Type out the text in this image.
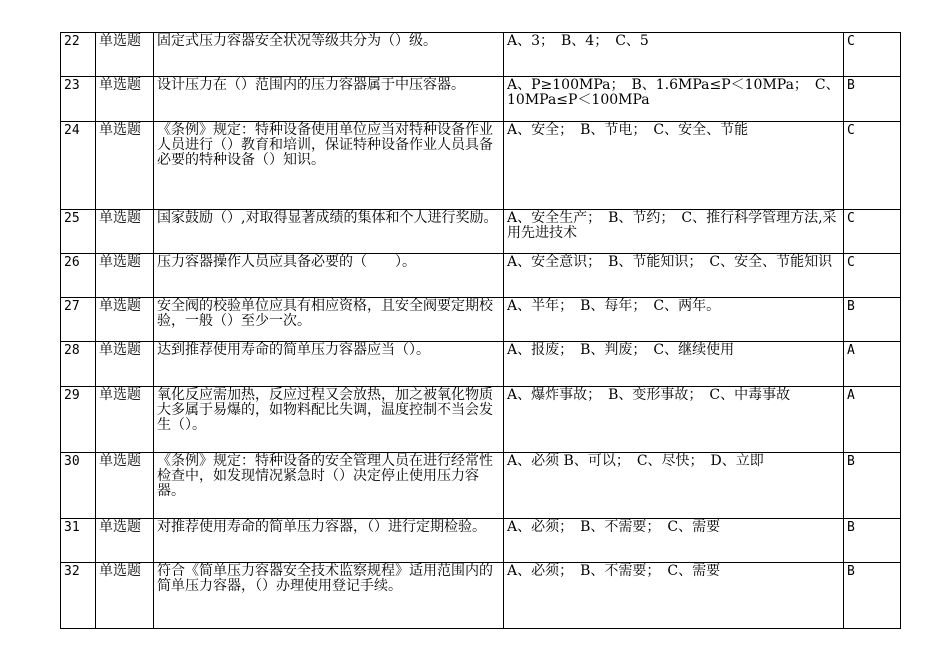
22	单选题	固定式压力容器安全状况等级共分为（）级。	A、3；　B、4；　C、5	C
23	单选题	设计压力在（）范围内的压力容器属于中压容器。	A、P≥100MPa；　B、1.6MPa≤P＜10MPa；　C、10MPa≤P＜100MPa	B
24	单选题	《条例》规定：特种设备使用单位应当对特种设备作业人员进行（）教育和培训，保证特种设备作业人员具备必要的特种设备（）知识。	A、安全；　B、节电；　C、安全、节能	C
25	单选题	国家鼓励（）,对取得显著成绩的集体和个人进行奖励。	A、安全生产；　B、节约；　C、推行科学管理方法,采用先进技术	C
26	单选题	压力容器操作人员应具备必要的（　　）。	A、安全意识；　B、节能知识；　C、安全、节能知识	C
27	单选题	安全阀的校验单位应具有相应资格，且安全阀要定期校验，一般（）至少一次。	A、半年；　B、每年；　C、两年。	B
28	单选题	达到推荐使用寿命的简单压力容器应当（）。	A、报废；　B、判废；　C、继续使用	A
29	单选题	氧化反应需加热，反应过程又会放热，加之被氧化物质大多属于易爆的，如物料配比失调，温度控制不当会发生（）。	A、爆炸事故；　B、变形事故；　C、中毒事故	A
30	单选题	《条例》规定：特种设备的安全管理人员在进行经常性检查中，如发现情况紧急时（）决定停止使用压力容器。	A、必须 B、可以；　C、尽快；　D、立即	B
31	单选题	对推荐使用寿命的简单压力容器，（）进行定期检验。	A、必须；　B、不需要；　C、需要	B
32	单选题	符合《简单压力容器安全技术监察规程》适用范围内的简单压力容器，（）办理使用登记手续。	A、必须；　B、不需要；　C、需要	B
